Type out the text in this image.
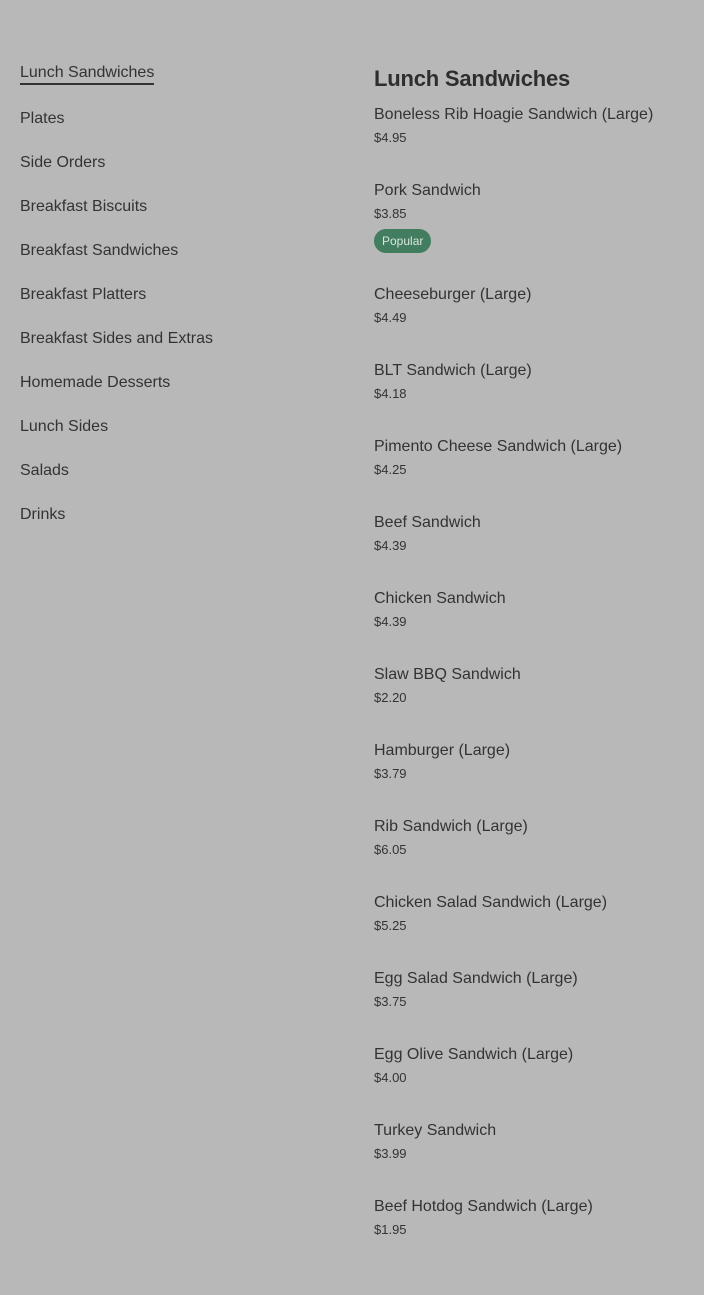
Lunch Sandwiches
Plates
Side Orders
Breakfast Biscuits
Breakfast Sandwiches
Breakfast Platters
Breakfast Sides and Extras
Homemade Desserts
Lunch Sides
Salads
Drinks
Lunch Sandwiches
Boneless Rib Hoagie Sandwich (Large)
$4.95
Pork Sandwich
$3.85
Popular
Cheeseburger (Large)
$4.49
BLT Sandwich (Large)
$4.18
Pimento Cheese Sandwich (Large)
$4.25
Beef Sandwich
$4.39
Chicken Sandwich
$4.39
Slaw BBQ Sandwich
$2.20
Hamburger (Large)
$3.79
Rib Sandwich (Large)
$6.05
Chicken Salad Sandwich (Large)
$5.25
Egg Salad Sandwich (Large)
$3.75
Egg Olive Sandwich (Large)
$4.00
Turkey Sandwich
$3.99
Beef Hotdog Sandwich (Large)
$1.95
